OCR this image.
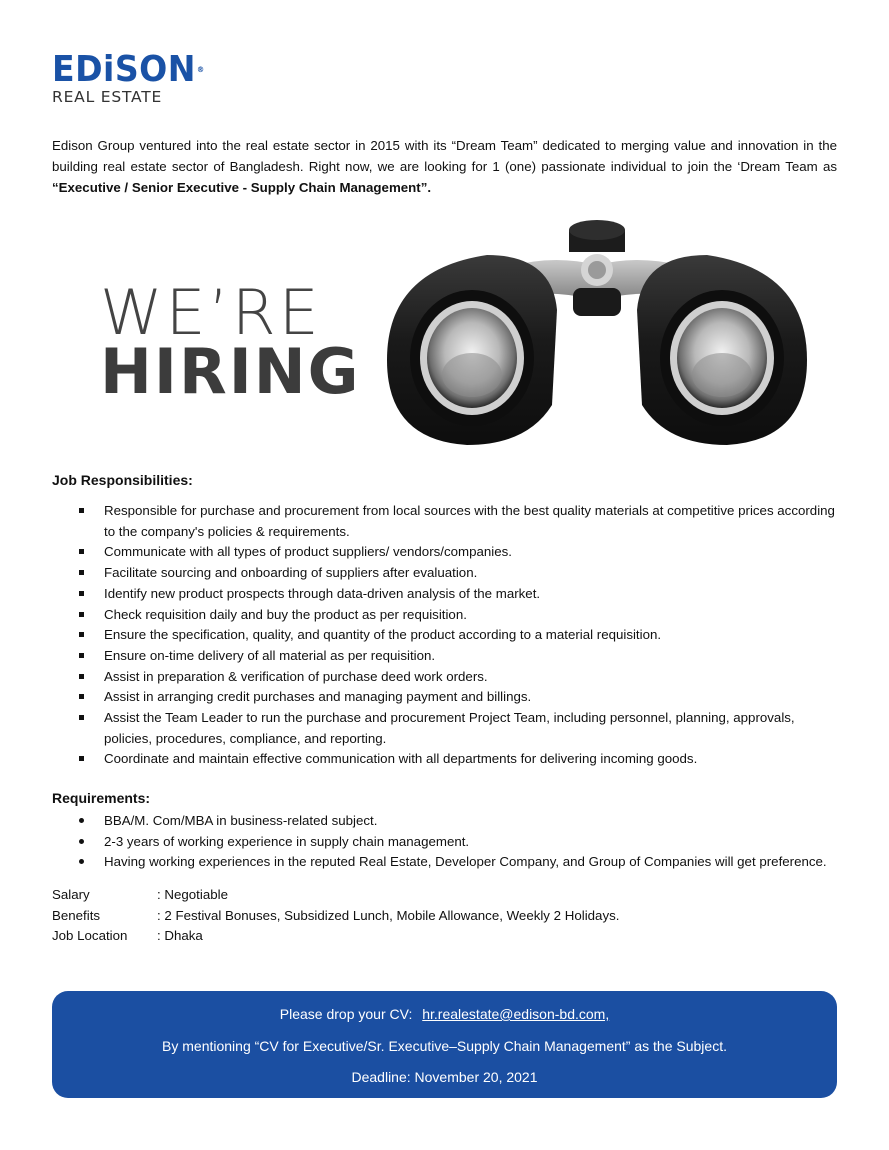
EDiSON®
REAL ESTATE

Edison Group ventured into the real estate sector in 2015 with its “Dream Team” dedicated to merging value and innovation in the building real estate sector of Bangladesh. Right now, we are looking for 1 (one) passionate individual to join the ‘Dream Team as “Executive / Senior Executive - Supply Chain Management”.

WE’RE
HIRING
Job Responsibilities:
Responsible for purchase and procurement from local sources with the best quality materials at competitive prices according to the company's policies & requirements.
Communicate with all types of product suppliers/ vendors/companies.
Facilitate sourcing and onboarding of suppliers after evaluation.
Identify new product prospects through data-driven analysis of the market.
Check requisition daily and buy the product as per requisition.
Ensure the specification, quality, and quantity of the product according to a material requisition.
Ensure on-time delivery of all material as per requisition.
Assist in preparation & verification of purchase deed work orders.
Assist in arranging credit purchases and managing payment and billings.
Assist the Team Leader to run the purchase and procurement Project Team, including personnel, planning, approvals, policies, procedures, compliance, and reporting.
Coordinate and maintain effective communication with all departments for delivering incoming goods.
Requirements:
BBA/M. Com/MBA in business-related subject.
2-3 years of working experience in supply chain management.
Having working experiences in the reputed Real Estate, Developer Company, and Group of Companies will get preference.
Salary	: Negotiable
Benefits	: 2 Festival Bonuses, Subsidized Lunch, Mobile Allowance, Weekly 2 Holidays.
Job Location	: Dhaka
Please drop your CV: hr.realestate@edison-bd.com,
By mentioning “CV for Executive/Sr. Executive–Supply Chain Management” as the Subject.
Deadline: November 20, 2021
